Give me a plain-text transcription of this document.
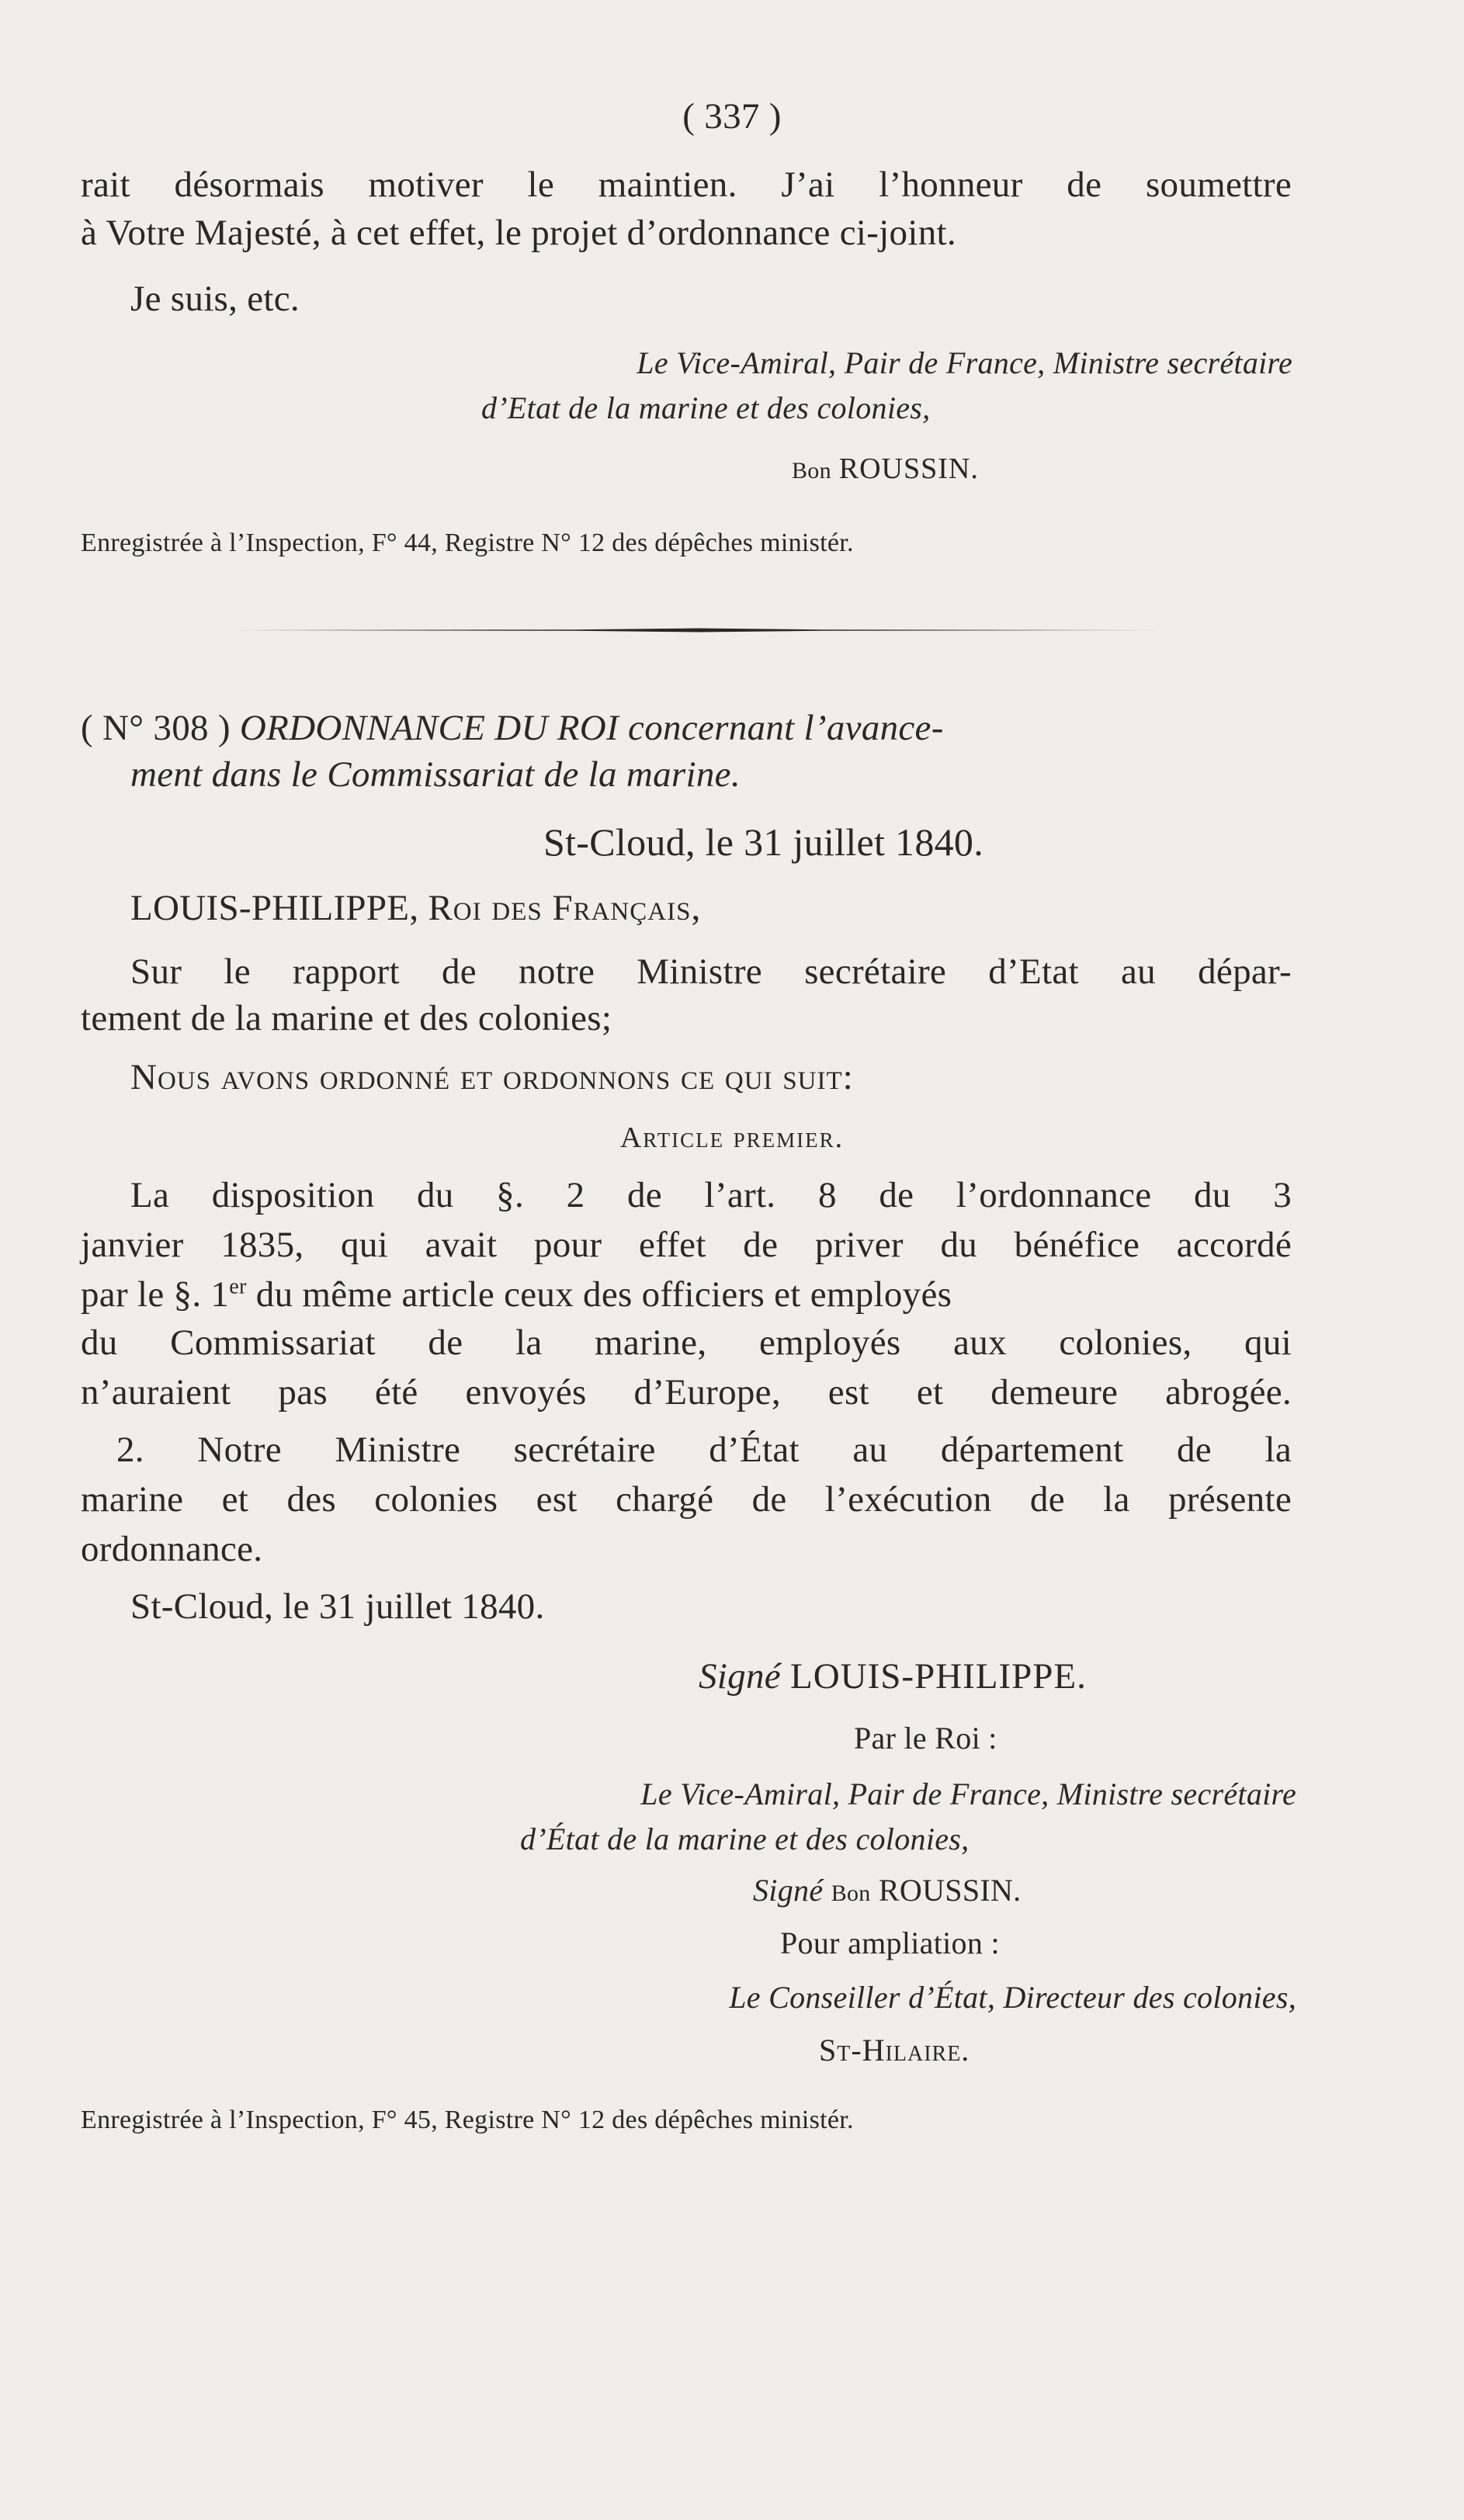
( 337 )
rait désormais motiver le maintien. J’ai l’honneur de soumettre
à Votre Majesté, à cet effet, le projet d’ordonnance ci-joint.
Je suis, etc.
Le Vice-Amiral, Pair de France, Ministre secrétaire
d’Etat de la marine et des colonies,
Bon ROUSSIN.
Enregistrée à l’Inspection, F° 44, Registre N° 12 des dépêches ministér.
( N° 308 ) ORDONNANCE DU ROI concernant l’avance-
ment dans le Commissariat de la marine.
St-Cloud, le 31 juillet 1840.
LOUIS-PHILIPPE, Roi des Français,
Sur le rapport de notre Ministre secrétaire d’Etat au dépar-
tement de la marine et des colonies;
Nous avons ordonné et ordonnons ce qui suit:
Article premier.
La disposition du §. 2 de l’art. 8 de l’ordonnance du 3
janvier 1835, qui avait pour effet de priver du bénéfice accordé
par le §. 1er du même article ceux des officiers et employés
du Commissariat de la marine, employés aux colonies, qui
n’auraient pas été envoyés d’Europe, est et demeure abrogée.
2. Notre Ministre secrétaire d’État au département de la
marine et des colonies est chargé de l’exécution de la présente
ordonnance.
St-Cloud, le 31 juillet 1840.
Signé LOUIS-PHILIPPE.
Par le Roi :
Le Vice-Amiral, Pair de France, Ministre secrétaire
d’État de la marine et des colonies,
Signé Bon ROUSSIN.
Pour ampliation :
Le Conseiller d’État, Directeur des colonies,
St-Hilaire.
Enregistrée à l’Inspection, F° 45, Registre N° 12 des dépêches ministér.
